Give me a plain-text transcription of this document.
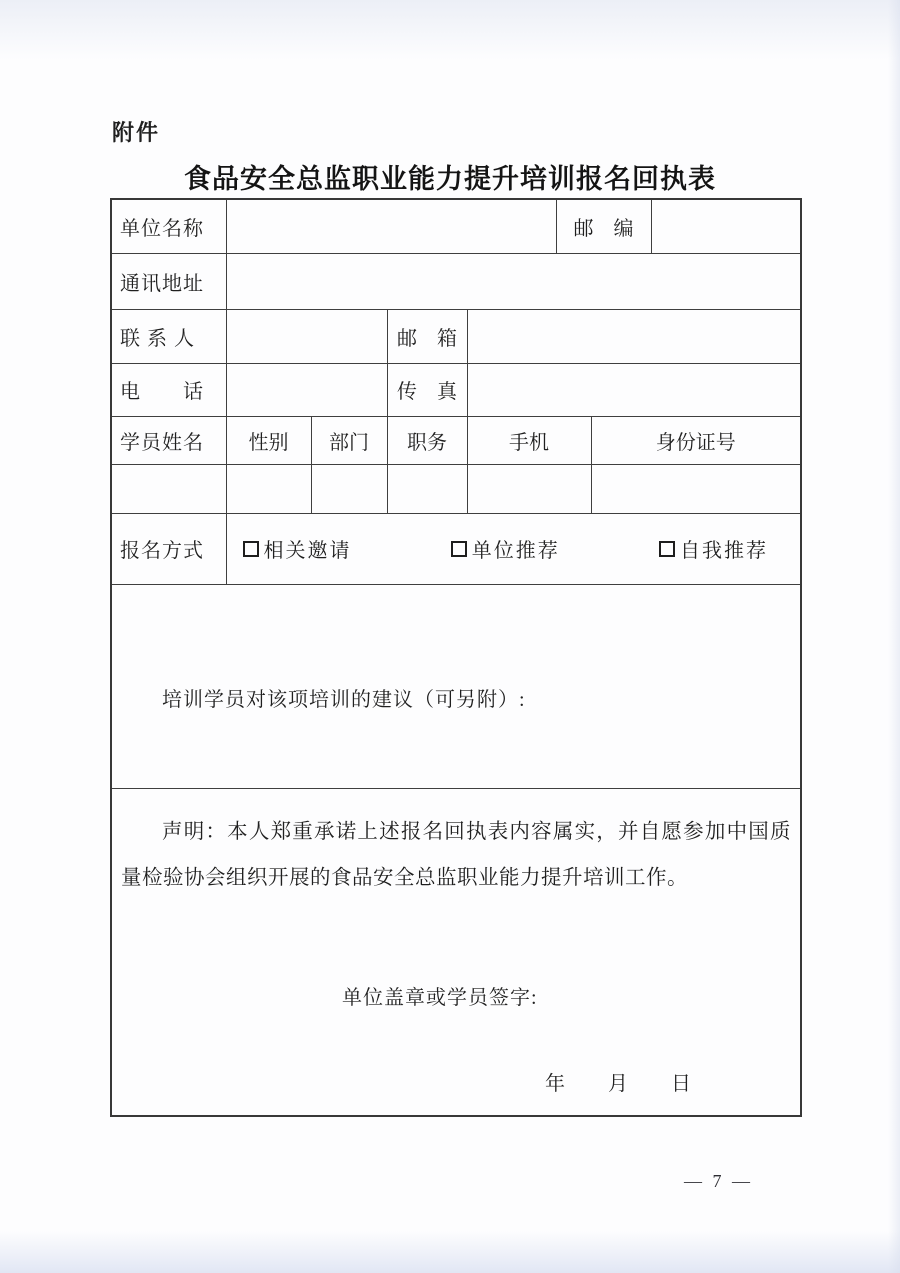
附件
食品安全总监职业能力提升培训报名回执表
单位名称					邮　编		
通讯地址							
联 系 人			邮　箱				
电　　话			传　真				
学员姓名	性别	部门	职务	手机		身份证号	

报名方式	相关邀请 单位推荐 自我推荐						

培训学员对该项培训的建议（可另附）:							

声明：本人郑重承诺上述报名回执表内容属实，并自愿参加中国质量检验协会组织开展的食品安全总监职业能力提升培训工作。
单位盖章或学员签字:
年　　月　　日							
— 7 —
